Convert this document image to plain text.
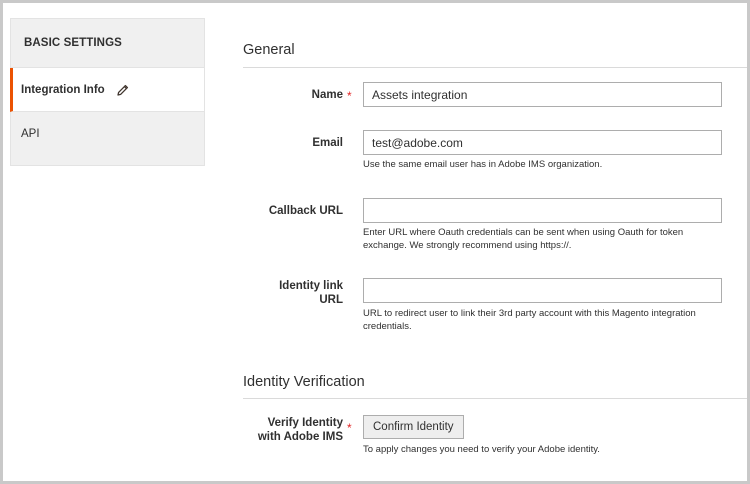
BASIC SETTINGS
Integration Info
API
General
Name *
Assets integration
Email
test@adobe.com
Use the same email user has in Adobe IMS organization.
Callback URL
Enter URL where Oauth credentials can be sent when using Oauth for token
exchange. We strongly recommend using https://.
Identity link
URL
URL to redirect user to link their 3rd party account with this Magento integration
credentials.
Identity Verification
Verify Identity
with Adobe IMS
*	Confirm Identity
To apply changes you need to verify your Adobe identity.
